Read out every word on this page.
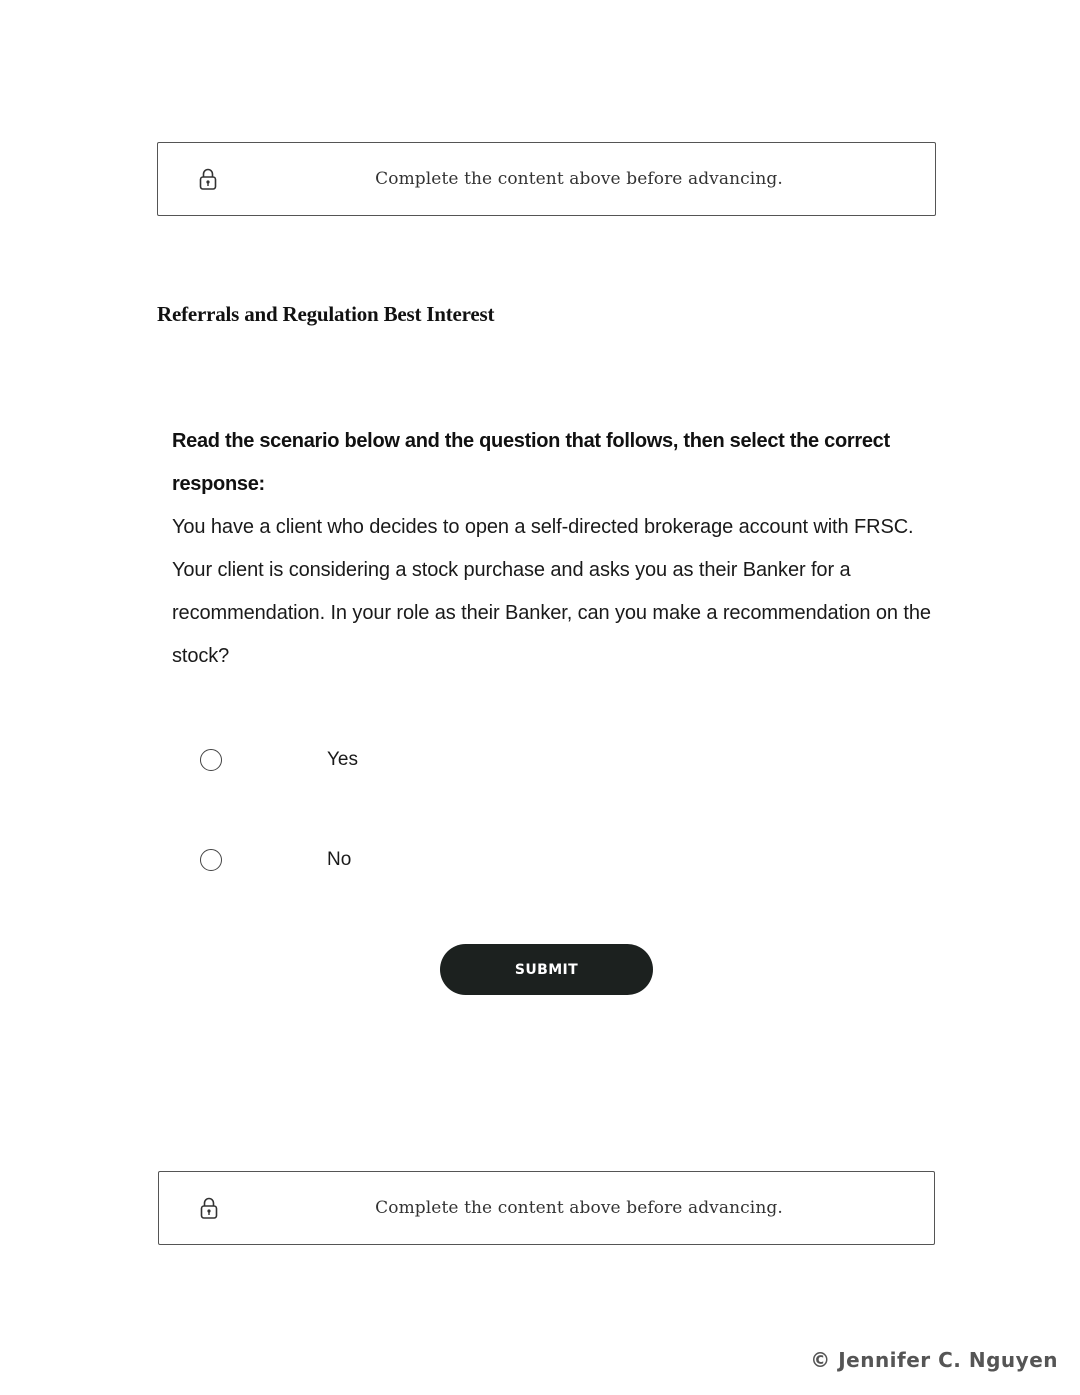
Complete the content above before advancing.
Referrals and Regulation Best Interest

Read the scenario below and the question that follows, then select the correct response:

You have a client who decides to open a self-directed brokerage account with FRSC. Your client is considering a stock purchase and asks you as their Banker for a recommendation. In your role as their Banker, can you make a recommendation on the stock?

Yes
No
SUBMIT
Complete the content above before advancing.
© Jennifer C. Nguyen
